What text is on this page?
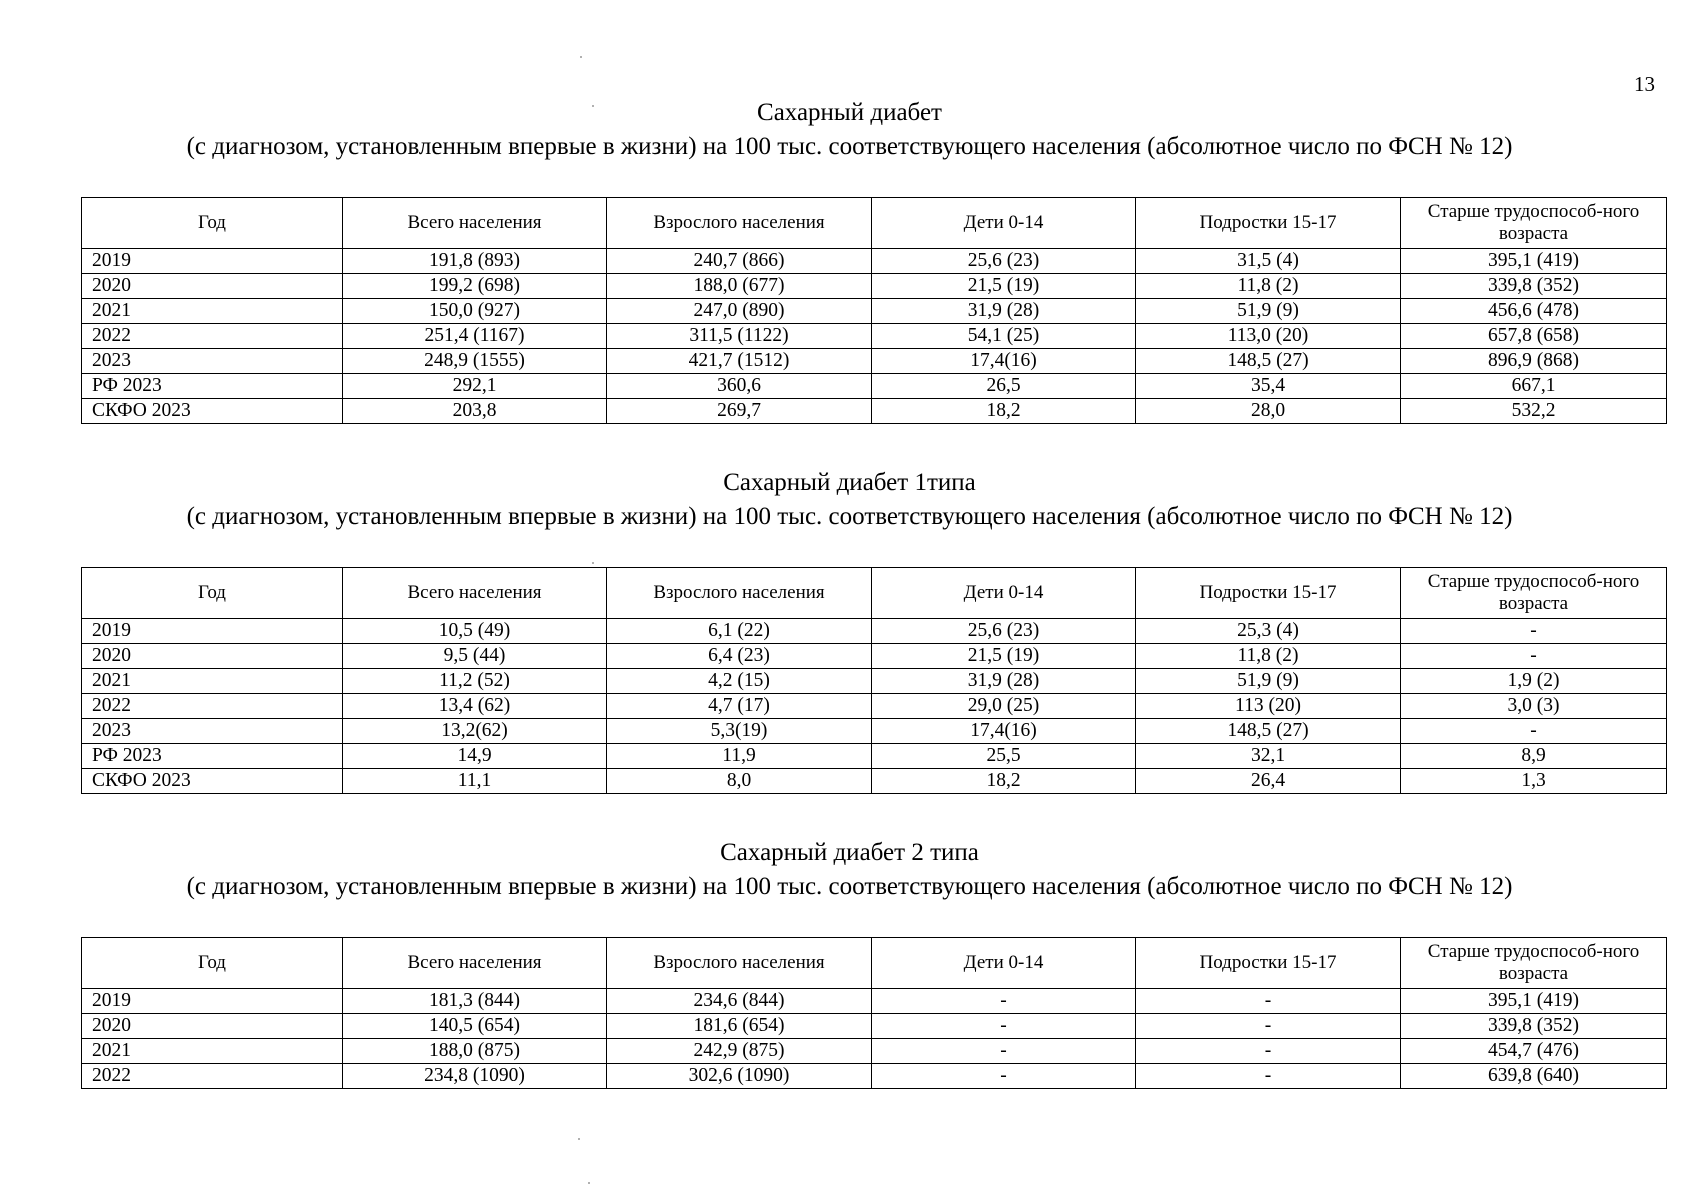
13
Сахарный диабет
(с диагнозом, установленным впервые в жизни) на 100 тыс. соответствующего населения (абсолютное число по ФСН № 12)
Год	Всего населения	Взрослого населения	Дети 0-14	Подростки 15-17	Старше трудоспособ-ного возраста
2019	191,8 (893)	240,7 (866)	25,6 (23)	31,5 (4)	395,1 (419)
2020	199,2 (698)	188,0 (677)	21,5 (19)	11,8 (2)	339,8 (352)
2021	150,0 (927)	247,0 (890)	31,9 (28)	51,9 (9)	456,6 (478)
2022	251,4 (1167)	311,5 (1122)	54,1 (25)	113,0 (20)	657,8 (658)
2023	248,9 (1555)	421,7 (1512)	17,4(16)	148,5 (27)	896,9 (868)
РФ 2023	292,1	360,6	26,5	35,4	667,1
СКФО 2023	203,8	269,7	18,2	28,0	532,2
Сахарный диабет 1типа
(с диагнозом, установленным впервые в жизни) на 100 тыс. соответствующего населения (абсолютное число по ФСН № 12)
Год	Всего населения	Взрослого населения	Дети 0-14	Подростки 15-17	Старше трудоспособ-ного возраста
2019	10,5 (49)	6,1 (22)	25,6 (23)	25,3 (4)	-
2020	9,5 (44)	6,4 (23)	21,5 (19)	11,8 (2)	-
2021	11,2 (52)	4,2 (15)	31,9 (28)	51,9 (9)	1,9 (2)
2022	13,4 (62)	4,7 (17)	29,0 (25)	113 (20)	3,0 (3)
2023	13,2(62)	5,3(19)	17,4(16)	148,5 (27)	-
РФ 2023	14,9	11,9	25,5	32,1	8,9
СКФО 2023	11,1	8,0	18,2	26,4	1,3
Сахарный диабет 2 типа
(с диагнозом, установленным впервые в жизни) на 100 тыс. соответствующего населения (абсолютное число по ФСН № 12)
Год	Всего населения	Взрослого населения	Дети 0-14	Подростки 15-17	Старше трудоспособ-ного возраста
2019	181,3 (844)	234,6 (844)	-	-	395,1 (419)
2020	140,5 (654)	181,6 (654)	-	-	339,8 (352)
2021	188,0 (875)	242,9 (875)	-	-	454,7 (476)
2022	234,8 (1090)	302,6 (1090)	-	-	639,8 (640)
